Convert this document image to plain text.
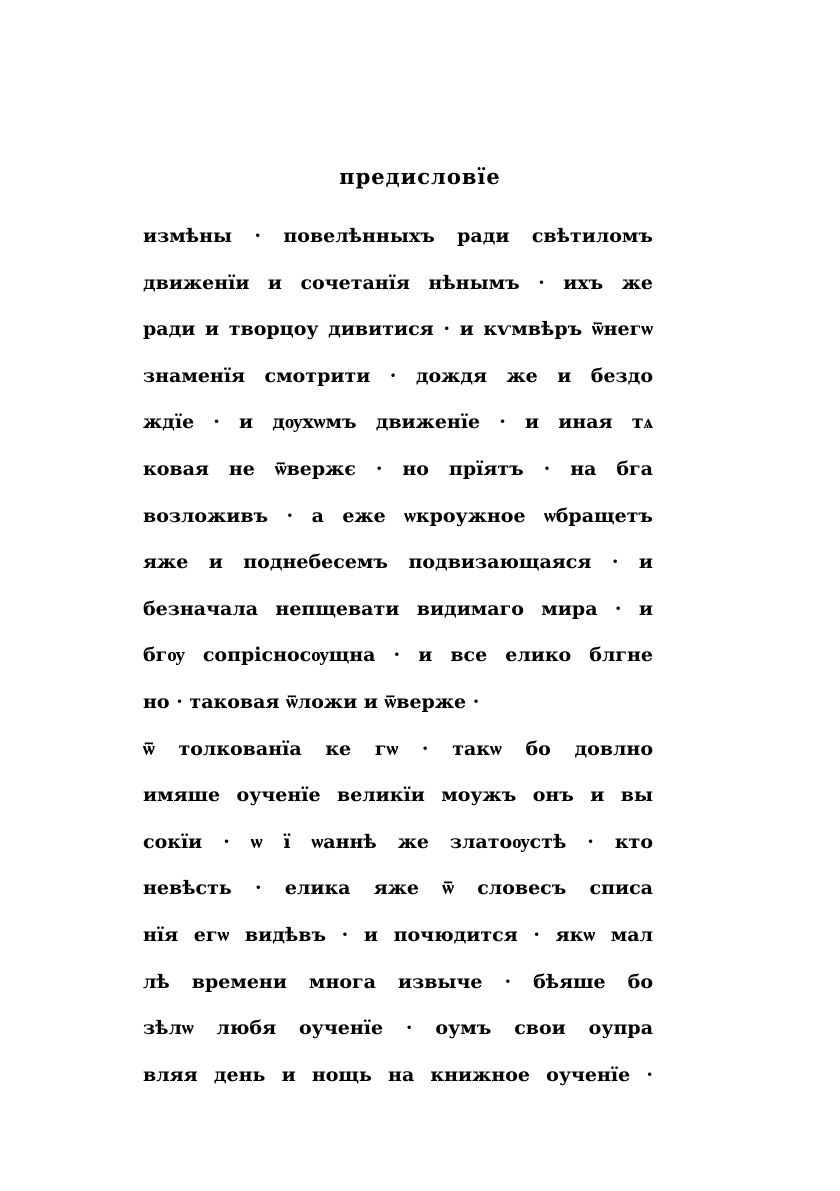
предисловїе
измѣны · повелѣнныхъ ради свѣтиломъ
движенїи и сочетанїя нѣнымъ · ихъ же
ради и творцоу дивитися · и кѵмвѣръ ѿнегѡ
знаменїя смотрити · дождя же и бездо
ждїе · и дѹхѡмъ движенїе · и иная тѧ
ковая не ѿвержє · но прїятъ · на бга
возложивъ · а еже ѡкроужное ѡбращетъ
яже и поднебесемъ подвизающаяся · и
безначала непщевати видимаго мира · и
бгѹ сопрісносѹщна · и все елико блгне
но · таковая ѿложи и ѿверже ·
ѿ толкованїа ке гѡ · такѡ бо довлно
имяше оученїе великїи моужъ онъ и вы
сокїи · ѡ ї ѡаннѣ же златоѹстѣ · кто
невѣсть · елика яже ѿ словесъ списа
нїя егѡ видѣвъ · и почюдится · якѡ мал
лѣ времени многа извыче · бѣяше бо
зѣлѡ любя оученїе · оумъ свои оупра
вляя день и нощь на книжное оученїе ·
